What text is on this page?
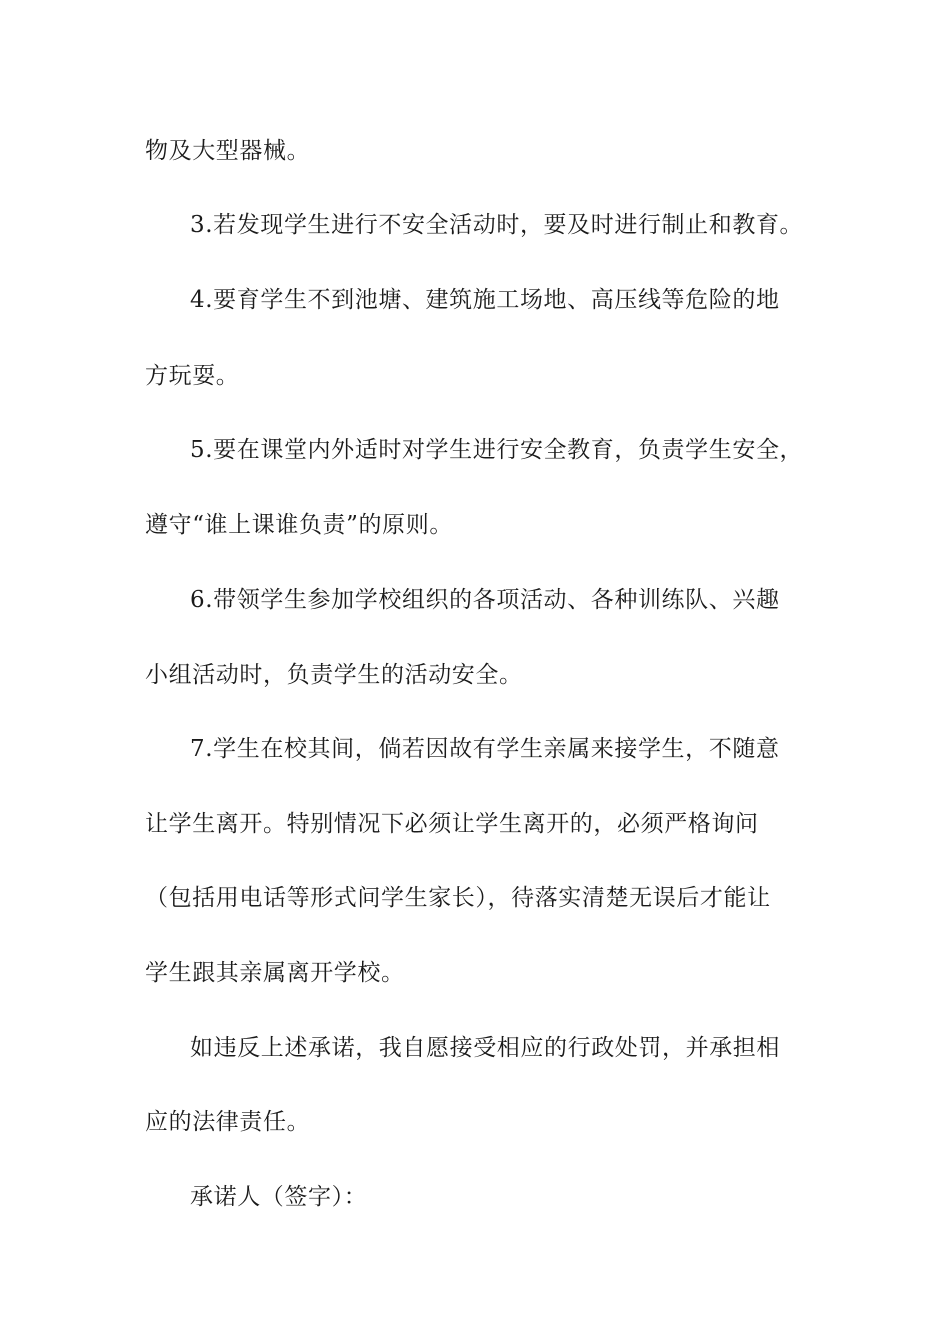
物及大型器械。
3.若发现学生进行不安全活动时，要及时进行制止和教育。
4.要育学生不到池塘、建筑施工场地、高压线等危险的地
方玩耍。
5.要在课堂内外适时对学生进行安全教育，负责学生安全，
遵守“谁上课谁负责”的原则。
6.带领学生参加学校组织的各项活动、各种训练队、兴趣
小组活动时，负责学生的活动安全。
7.学生在校其间，倘若因故有学生亲属来接学生，不随意
让学生离开。特别情况下必须让学生离开的，必须严格询问
（包括用电话等形式问学生家长），待落实清楚无误后才能让
学生跟其亲属离开学校。
如违反上述承诺，我自愿接受相应的行政处罚，并承担相
应的法律责任。
承诺人（签字）：
